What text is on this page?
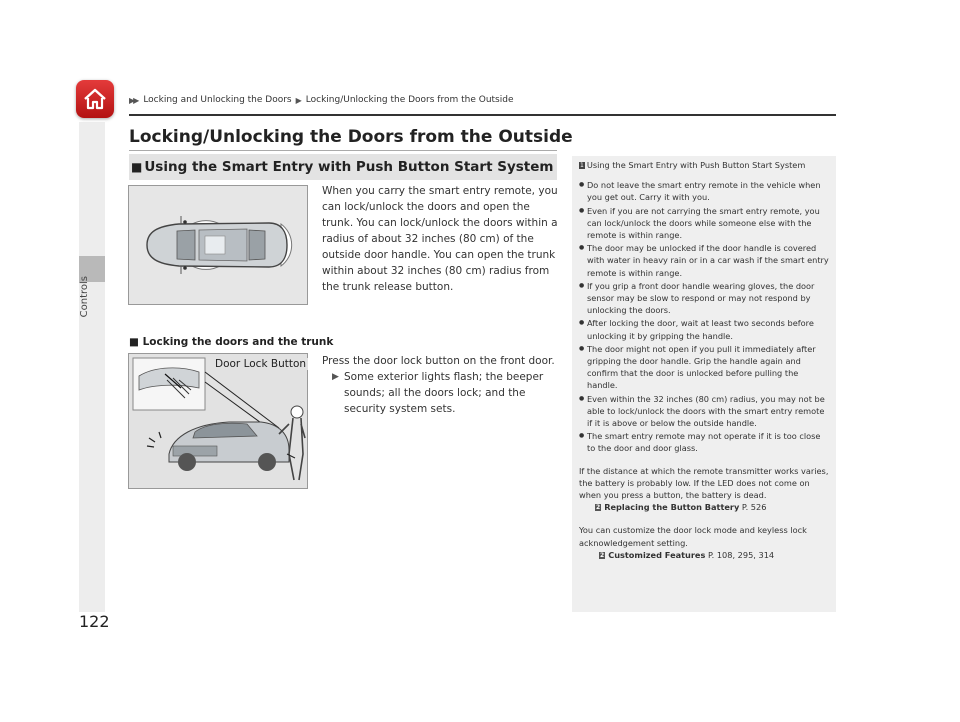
Controls
122
▶▶ Locking and Unlocking the Doors ▶ Locking/Unlocking the Doors from the Outside
Locking/Unlocking the Doors from the Outside
■ Using the Smart Entry with Push Button Start System
When you carry the smart entry remote, you can lock/unlock the doors and open the trunk. You can lock/unlock the doors within a radius of about 32 inches (80 cm) of the outside door handle. You can open the trunk within about 32 inches (80 cm) radius from the trunk release button.
■ Locking the doors and the trunk
Door Lock Button Press the door lock button on the front door.
▶ Some exterior lights flash; the beeper sounds; all the doors lock; and the security system sets.
1 Using the Smart Entry with Push Button Start System
● Do not leave the smart entry remote in the vehicle when you get out. Carry it with you.
● Even if you are not carrying the smart entry remote, you can lock/unlock the doors while someone else with the remote is within range.
● The door may be unlocked if the door handle is covered with water in heavy rain or in a car wash if the smart entry remote is within range.
● If you grip a front door handle wearing gloves, the door sensor may be slow to respond or may not respond by unlocking the doors.
● After locking the door, wait at least two seconds before unlocking it by gripping the handle.
● The door might not open if you pull it immediately after gripping the door handle. Grip the handle again and confirm that the door is unlocked before pulling the handle.
● Even within the 32 inches (80 cm) radius, you may not be able to lock/unlock the doors with the smart entry remote if it is above or below the outside handle.
● The smart entry remote may not operate if it is too close to the door and door glass.

If the distance at which the remote transmitter works varies, the battery is probably low. If the LED does not come on when you press a button, the battery is dead.

2 Replacing the Button Battery P. 526

You can customize the door lock mode and keyless lock acknowledgement setting.

2 Customized Features P. 108, 295, 314
